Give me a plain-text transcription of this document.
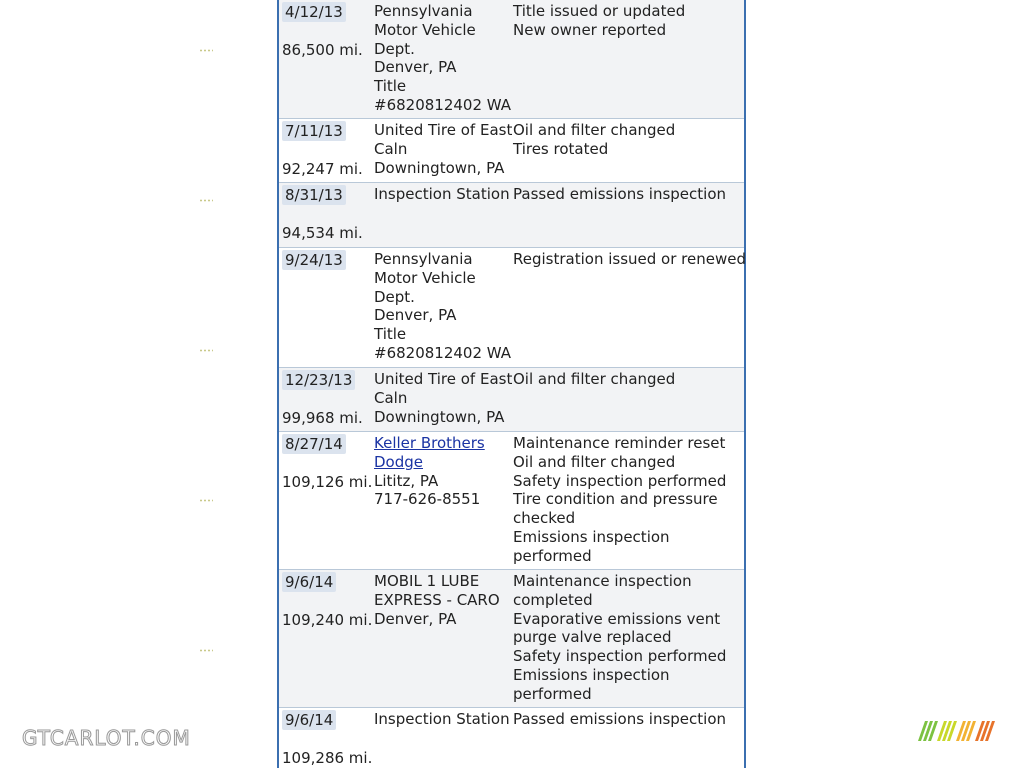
4/12/13
86,500 mi.
Pennsylvania
Motor Vehicle
Dept.
Denver, PA
Title
#6820812402 WA
Title issued or updated
New owner reported
7/11/13
92,247 mi.
United Tire of East
Caln
Downingtown, PA
Oil and filter changed
Tires rotated
8/31/13
94,534 mi.
Inspection Station Passed emissions inspection
9/24/13 Pennsylvania
Motor Vehicle
Dept.
Denver, PA
Title
#6820812402 WA
Registration issued or renewed
12/23/13
99,968 mi.
United Tire of East
Caln
Downingtown, PA
Oil and filter changed
8/27/14
109,126 mi.
Keller Brothers
Dodge
Lititz, PA
717-626-8551
Maintenance reminder reset
Oil and filter changed
Safety inspection performed
Tire condition and pressure
checked
Emissions inspection
performed
9/6/14
109,240 mi.
MOBIL 1 LUBE
EXPRESS - CARO
Denver, PA
Maintenance inspection
completed
Evaporative emissions vent
purge valve replaced
Safety inspection performed
Emissions inspection
performed
9/6/14
109,286 mi.
Inspection Station Passed emissions inspection
GTCARLOT.COM
